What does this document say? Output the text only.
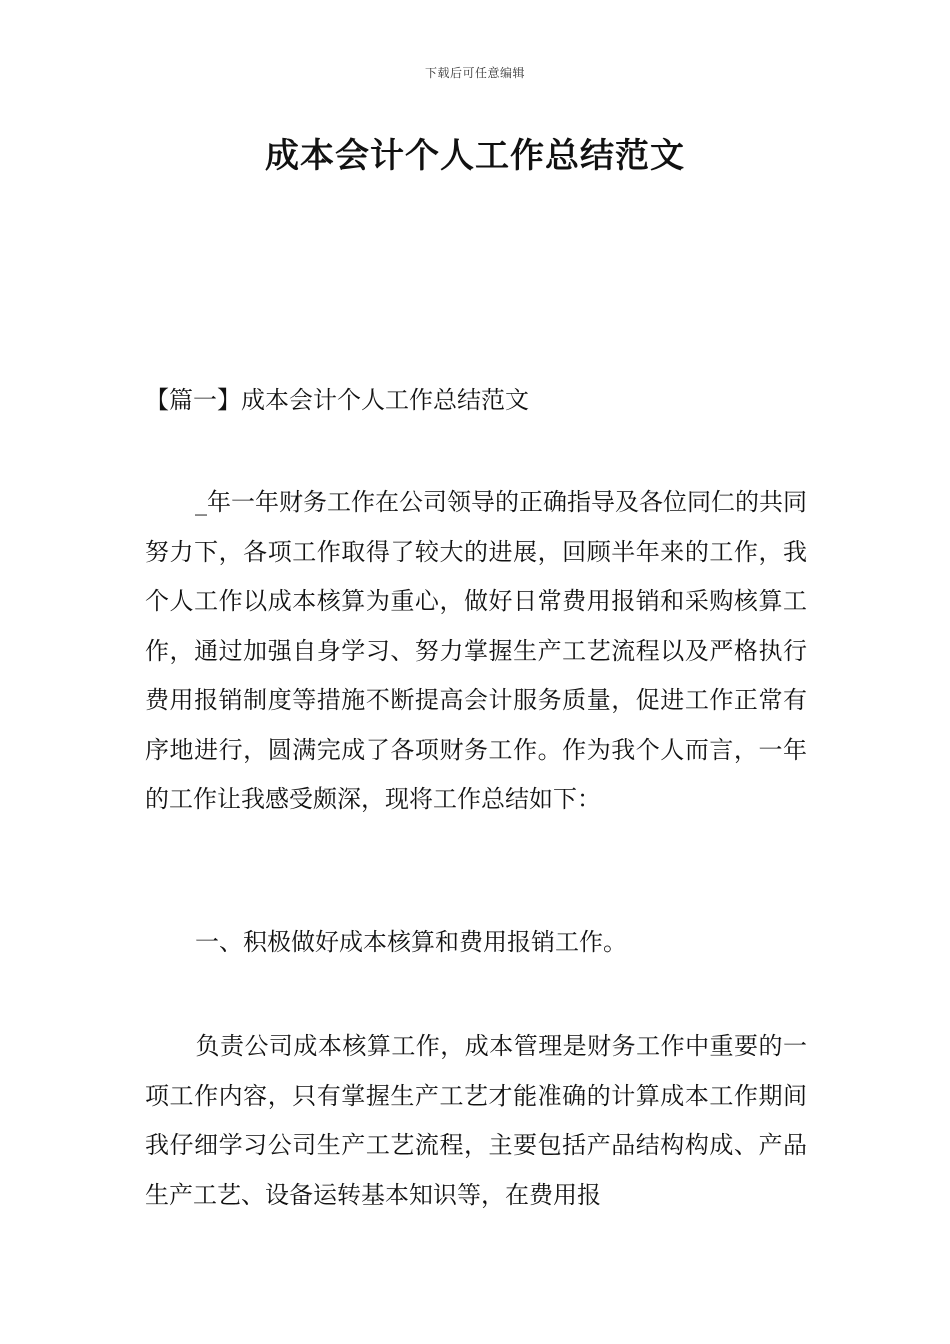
下载后可任意编辑
成本会计个人工作总结范文
【篇一】成本会计个人工作总结范文

_年一年财务工作在公司领导的正确指导及各位同仁的共同努力下，各项工作取得了较大的进展，回顾半年来的工作，我个人工作以成本核算为重心，做好日常费用报销和采购核算工作，通过加强自身学习、努力掌握生产工艺流程以及严格执行费用报销制度等措施不断提高会计服务质量，促进工作正常有序地进行，圆满完成了各项财务工作。作为我个人而言，一年的工作让我感受颇深，现将工作总结如下：

一、积极做好成本核算和费用报销工作。

负责公司成本核算工作，成本管理是财务工作中重要的一项工作内容，只有掌握生产工艺才能准确的计算成本工作期间我仔细学习公司生产工艺流程，主要包括产品结构构成、产品生产工艺、设备运转基本知识等，在费用报
